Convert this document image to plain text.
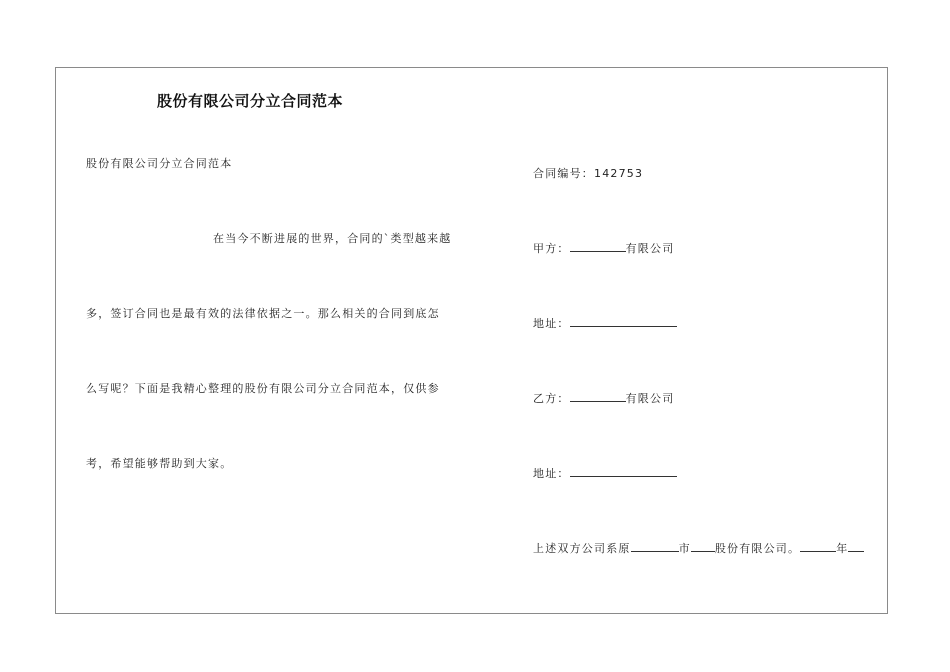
股份有限公司分立合同范本

股份有限公司分立合同范本

在当今不断进展的世界，合同的`类型越来越

多，签订合同也是最有效的法律依据之一。那么相关的合同到底怎

么写呢？下面是我精心整理的股份有限公司分立合同范本，仅供参

考，希望能够帮助到大家。

合同编号：142753

甲方：	有限公司

地址：

乙方：	有限公司

地址：

上述双方公司系原	市 股份有限公司。	年
